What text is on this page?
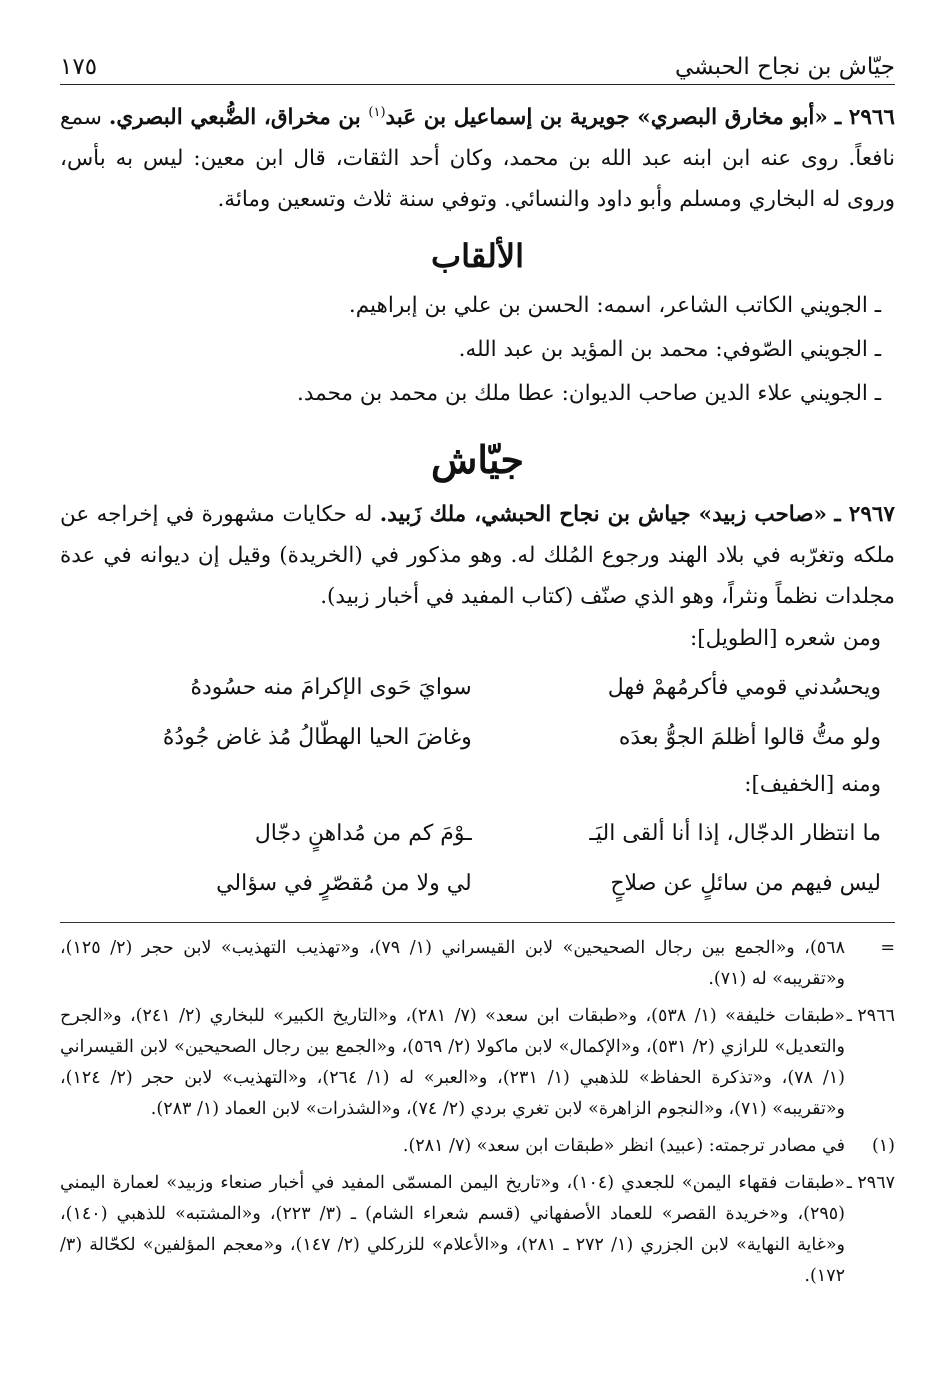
جيّاش بن نجاح الحبشي
١٧٥

٢٩٦٦ ـ «أبو مخارق البصري» جويرية بن إسماعيل بن عَبد$^{(١)}$ بن مخراق، الضُّبعي البصري. سمع نافعاً. روى عنه ابن ابنه عبد الله بن محمد، وكان أحد الثقات، قال ابن معين: ليس به بأس، وروى له البخاري ومسلم وأبو داود والنسائي. وتوفي سنة ثلاث وتسعين ومائة.

الألقاب

ـ الجويني الكاتب الشاعر، اسمه: الحسن بن علي بن إبراهيم.

ـ الجويني الصّوفي: محمد بن المؤيد بن عبد الله.

ـ الجويني علاء الدين صاحب الديوان: عطا ملك بن محمد بن محمد.

جيّاش

٢٩٦٧ ـ «صاحب زبيد» جياش بن نجاح الحبشي، ملك زَبيد. له حكايات مشهورة في إخراجه عن ملكه وتغرّبه في بلاد الهند ورجوع المُلك له. وهو مذكور في (الخريدة) وقيل إن ديوانه في عدة مجلدات نظماً ونثراً، وهو الذي صنّف (كتاب المفيد في أخبار زبيد).

ومن شعره [الطويل]:

ويحسُدني قومي فأكرمُهمْ فهل
سوايَ حَوى الإكرامَ منه حسُودهُ
ولو متُّ قالوا أظلمَ الجوُّ بعدَه
وغاضَ الحيا الهطّالُ مُذ غاض جُودُهُ

ومنه [الخفيف]:

ما انتظار الدجّال، إذا أنا ألقى اليَـ
ـوْمَ كم من مُداهنٍ دجّال
ليس فيهم من سائلٍ عن صلاحٍ
لي ولا من مُقصّرٍ في سؤالي
=
٥٦٨)، و«الجمع بين رجال الصحيحين» لابن القيسراني (١/ ٧٩)، و«تهذيب التهذيب» لابن حجر (٢/ ١٢٥)، و«تقريبه» له (٧١).
٢٩٦٦ ـ
«طبقات خليفة» (١/ ٥٣٨)، و«طبقات ابن سعد» (٧/ ٢٨١)، و«التاريخ الكبير» للبخاري (٢/ ٢٤١)، و«الجرح والتعديل» للرازي (٢/ ٥٣١)، و«الإكمال» لابن ماكولا (٢/ ٥٦٩)، و«الجمع بين رجال الصحيحين» لابن القيسراني (١/ ٧٨)، و«تذكرة الحفاظ» للذهبي (١/ ٢٣١)، و«العبر» له (١/ ٢٦٤)، و«التهذيب» لابن حجر (٢/ ١٢٤)، و«تقريبه» (٧١)، و«النجوم الزاهرة» لابن تغري بردي (٢/ ٧٤)، و«الشذرات» لابن العماد (١/ ٢٨٣).
(١)
في مصادر ترجمته: (عبيد) انظر «طبقات ابن سعد» (٧/ ٢٨١).
٢٩٦٧ ـ
«طبقات فقهاء اليمن» للجعدي (١٠٤)، و«تاريخ اليمن المسمّى المفيد في أخبار صنعاء وزبيد» لعمارة اليمني (٢٩٥)، و«خريدة القصر» للعماد الأصفهاني (قسم شعراء الشام) ـ (٣/ ٢٢٣)، و«المشتبه» للذهبي (١٤٠)، و«غاية النهاية» لابن الجزري (١/ ٢٧٢ ـ ٢٨١)، و«الأعلام» للزركلي (٢/ ١٤٧)، و«معجم المؤلفين» لكحّالة (٣/ ١٧٢).
